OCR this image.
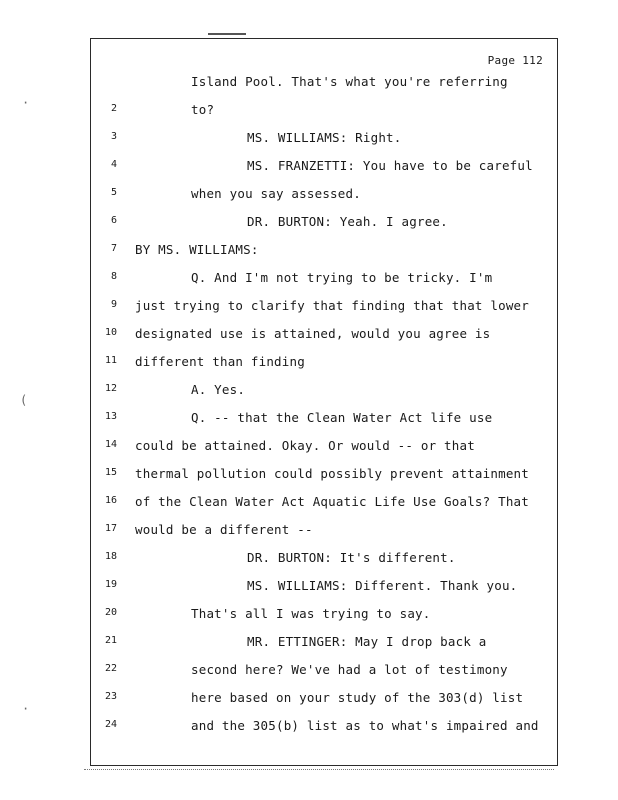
Page 112
Island Pool. That's what you're referring
2	to?
3	MS. WILLIAMS: Right.
4	MS. FRANZETTI: You have to be careful
5	when you say assessed.
6	DR. BURTON: Yeah. I agree.
7 BY MS. WILLIAMS:
8	Q. And I'm not trying to be tricky. I'm
9 just trying to clarify that finding that that lower
10 designated use is attained, would you agree is
11 different than finding
12	A. Yes.
13	Q. -- that the Clean Water Act life use
14 could be attained. Okay. Or would -- or that
15 thermal pollution could possibly prevent attainment
16 of the Clean Water Act Aquatic Life Use Goals? That
17 would be a different --
18	DR. BURTON: It's different.
19	MS. WILLIAMS: Different. Thank you.
20	That's all I was trying to say.
21	MR. ETTINGER: May I drop back a
22	second here? We've had a lot of testimony
23	here based on your study of the 303(d) list
24	and the 305(b) list as to what's impaired and
·
(
·
